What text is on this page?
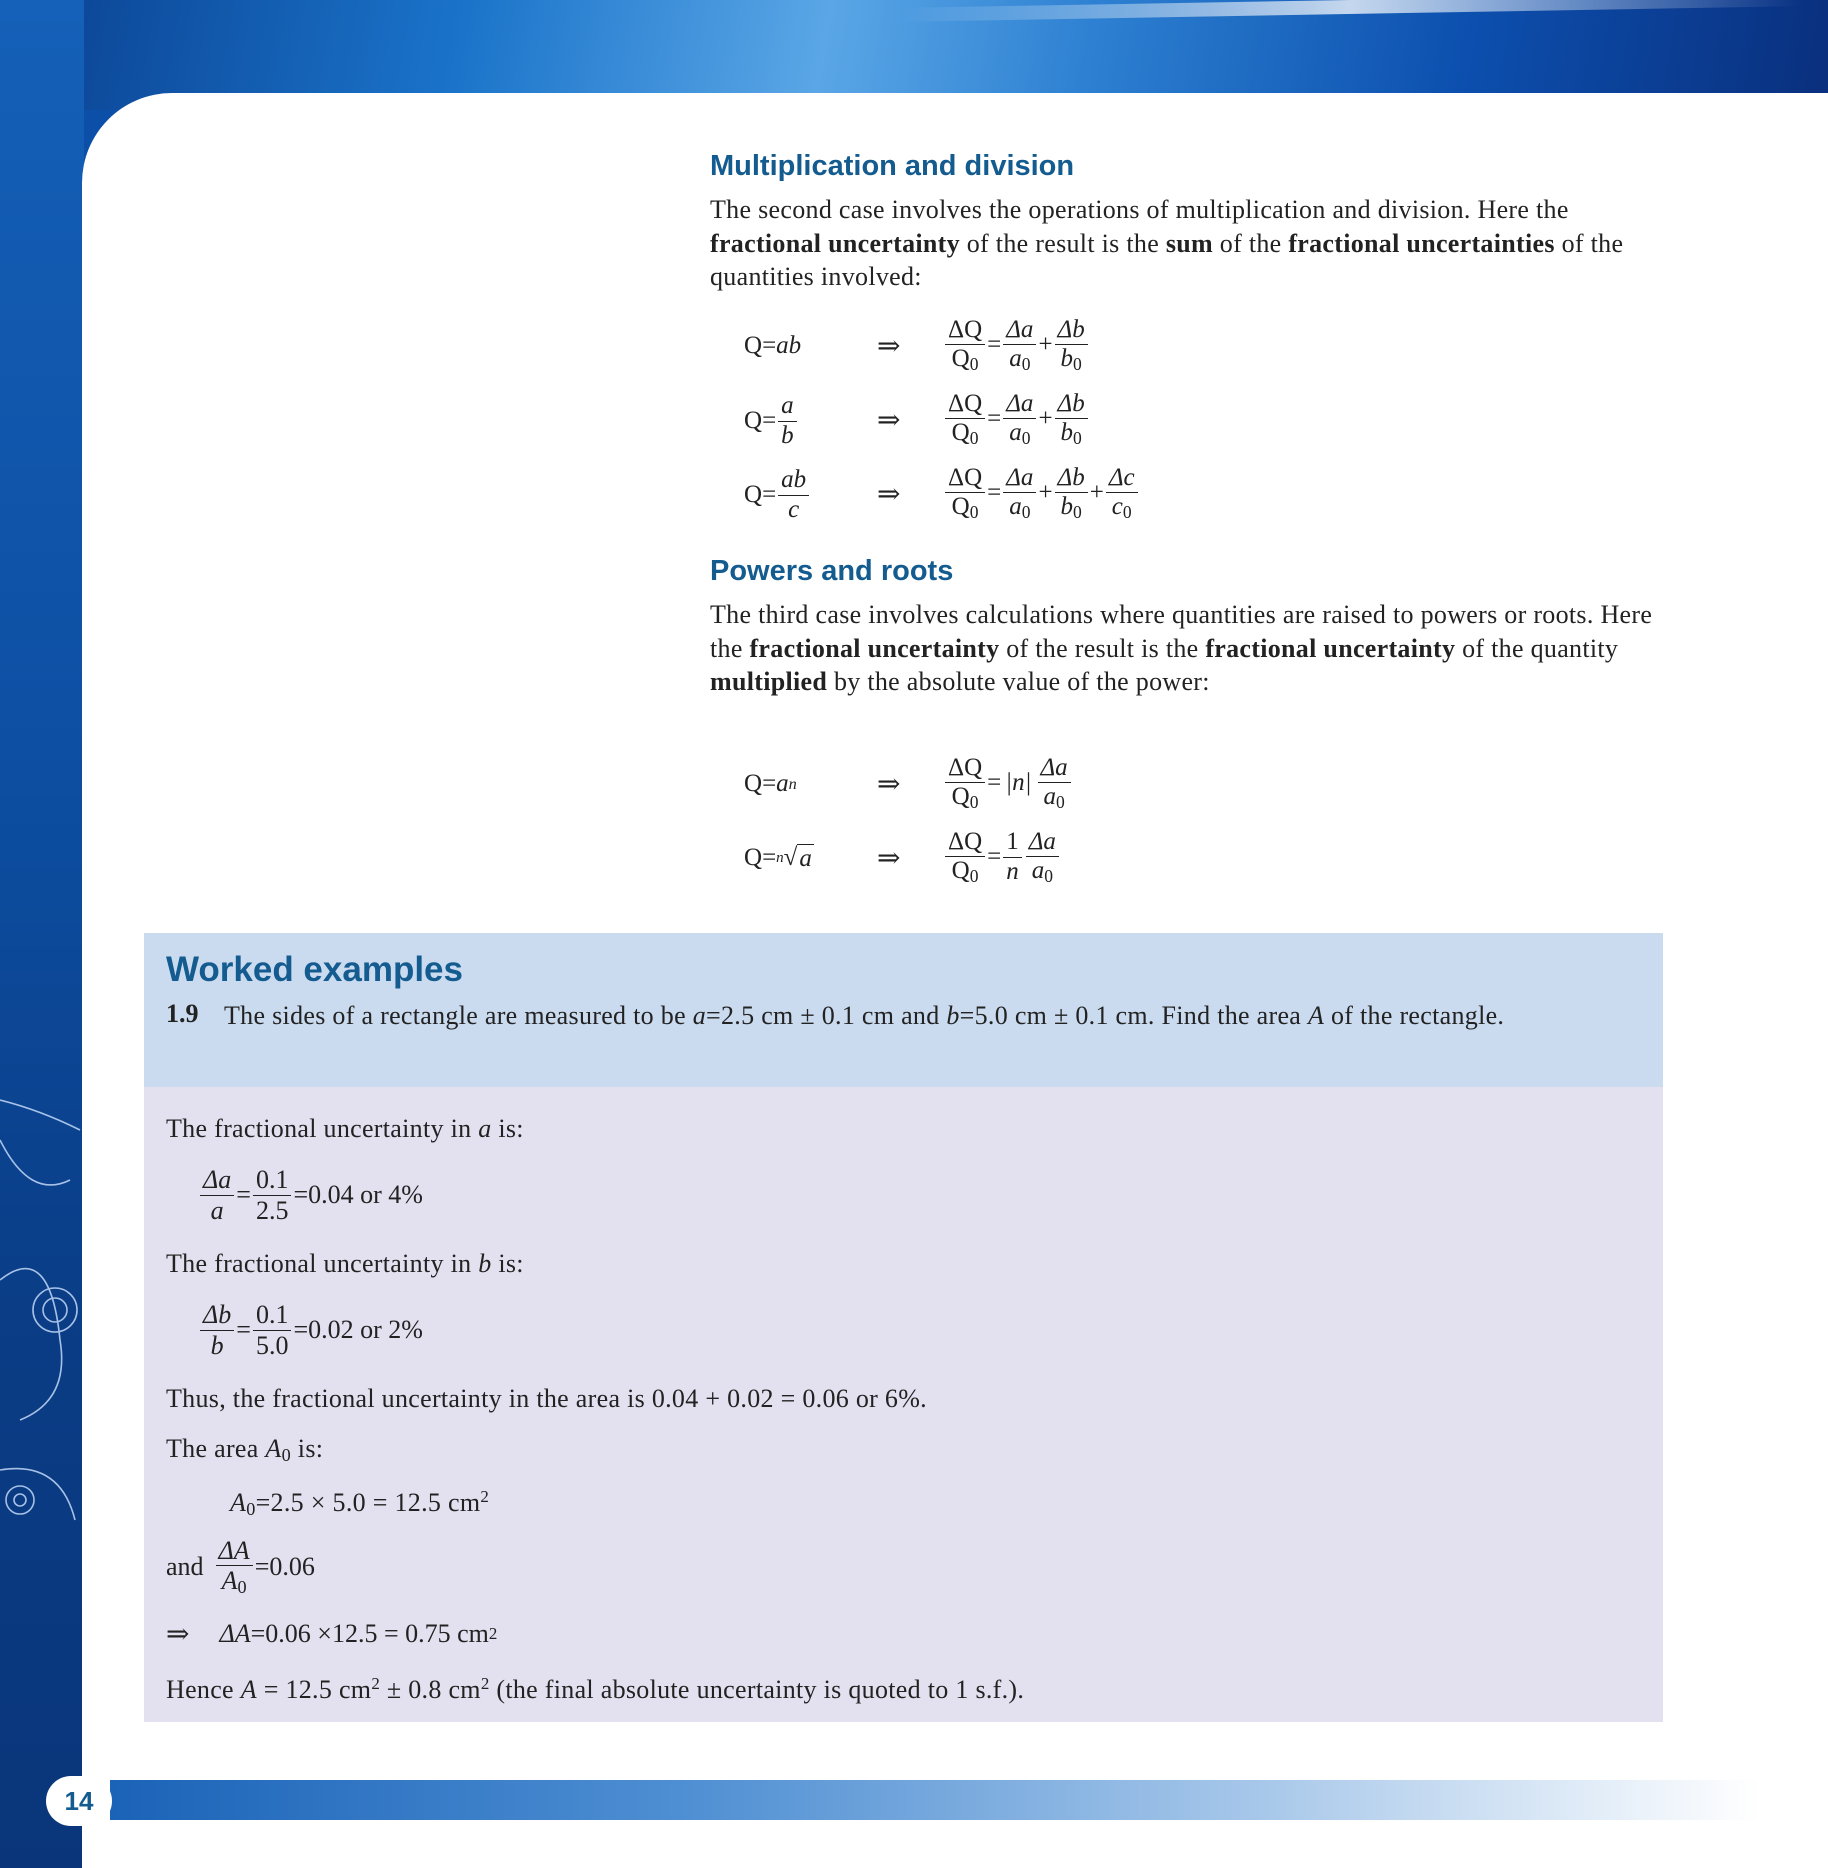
Multiplication and division

The second case involves the operations of multiplication and division. Here the fractional uncertainty of the result is the sum of the fractional uncertainties of the quantities involved:

Q = ab	⇒ $\frac{\Delta Q}{Q_0} = \frac{\Delta a}{a_0} + \frac{\Delta b}{b_0}$
$Q = \frac{a}{b}$	⇒ $\frac{\Delta Q}{Q_0} = \frac{\Delta a}{a_0} + \frac{\Delta b}{b_0}$
$Q = \frac{ab}{c}$ ⇒ $\frac{\Delta Q}{Q_0} = \frac{\Delta a}{a_0} + \frac{\Delta b}{b_0} + \frac{\Delta c}{c_0}$
Powers and roots

The third case involves calculations where quantities are raised to powers or roots. Here the fractional uncertainty of the result is the fractional uncertainty of the quantity multiplied by the absolute value of the power:

Q = a n	⇒ $\frac{\Delta Q}{Q_0} = |n| \frac{\Delta a}{a_0}$
Q = n √ a ⇒ $\frac{\Delta Q}{Q_0} = \frac{1}{n} \frac{\Delta a}{a_0}$
Worked examples
1.9 The sides of a rectangle are measured to be a=2.5 cm ± 0.1 cm and b=5.0 cm ± 0.1 cm. Find the area A of the rectangle.

The fractional uncertainty in a is:

$\frac{\Delta a}{a} = \frac{0.1}{2.5} =0.04$ or 4%

The fractional uncertainty in b is:

$\frac{\Delta b}{b} = \frac{0.1}{5.0} =0.02$ or 2%

Thus, the fractional uncertainty in the area is 0.04 + 0.02 = 0.06 or 6%.

The area $A_0$ is:

$A_0=2.5 \times 5.0 = 12.5$ $cm^2$

and $\frac{\Delta A}{A_0} =0.06$
⇒ ΔA =0.06 ×12.5 = 0.75 cm 2

Hence A = 12.5 $cm^2 \pm 0.8$ $cm^2$ (the final absolute uncertainty is quoted to 1 s.f.).

14
